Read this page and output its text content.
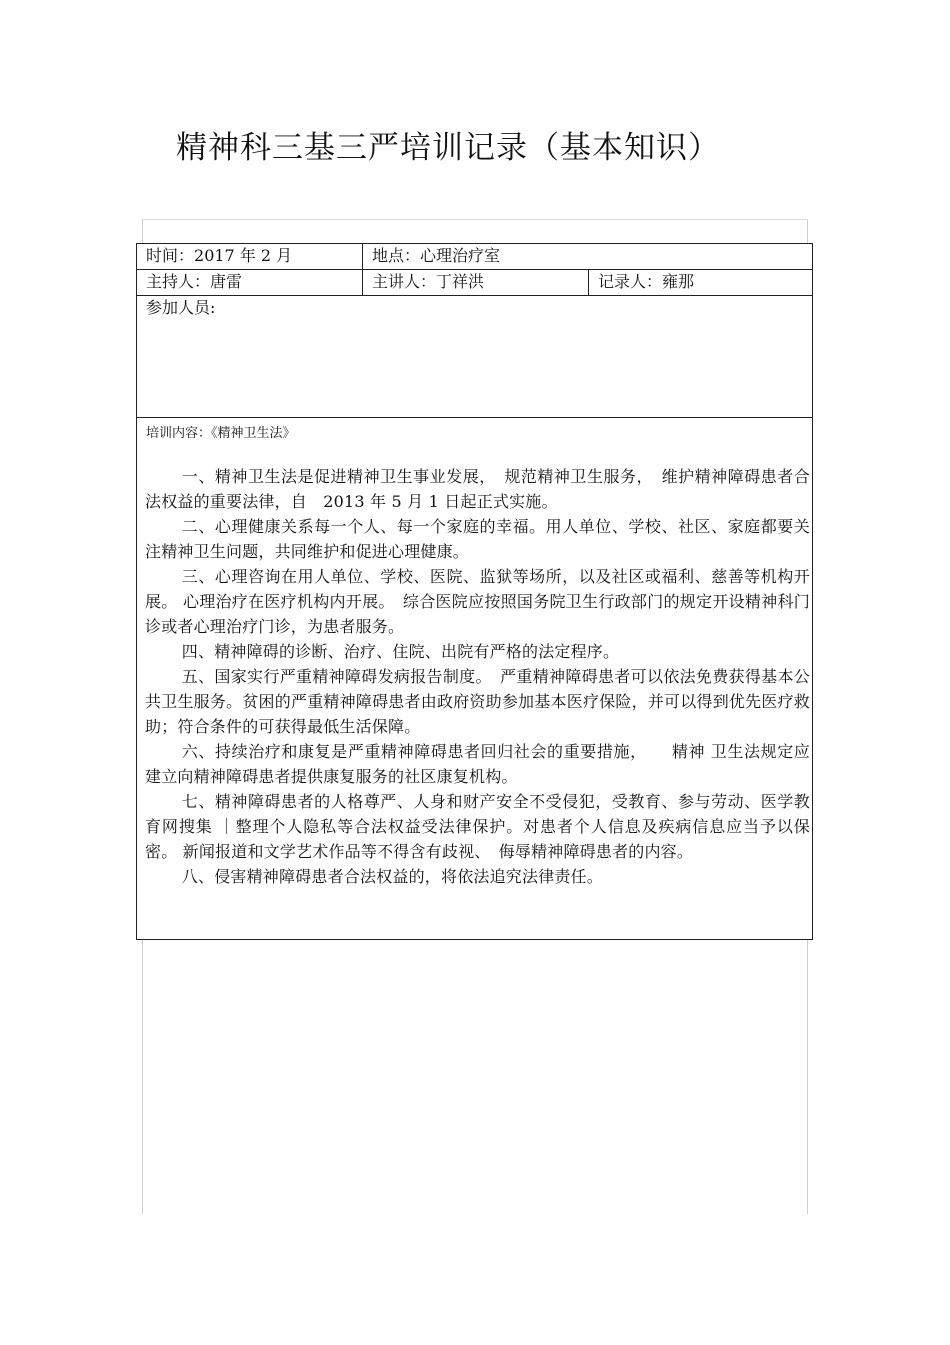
精神科三基三严培训记录（基本知识）
时间：2017 年 2 月	地点：心理治疗室
主持人：唐雷	主讲人：丁祥洪	记录人：雍那
参加人员:
培训内容：《精神卫生法》

一、精神卫生法是促进精神卫生事业发展，　规范精神卫生服务，　维护精神障碍患者合法权益的重要法律，自　2013 年 5 月 1 日起正式实施。

二、心理健康关系每一个人、每一个家庭的幸福。用人单位、学校、社区、家庭都要关注精神卫生问题，共同维护和促进心理健康。

三、心理咨询在用人单位、学校、医院、监狱等场所，以及社区或福利、慈善等机构开展。 心理治疗在医疗机构内开展。　综合医院应按照国务院卫生行政部门的规定开设精神科门诊或者心理治疗门诊，为患者服务。

四、精神障碍的诊断、治疗、住院、出院有严格的法定程序。

五、国家实行严重精神障碍发病报告制度。　严重精神障碍患者可以依法免费获得基本公共卫生服务。贫困的严重精神障碍患者由政府资助参加基本医疗保险，并可以得到优先医疗救助；符合条件的可获得最低生活保障。

六、持续治疗和康复是严重精神障碍患者回归社会的重要措施，　　精神 卫生法规定应建立向精神障碍患者提供康复服务的社区康复机构。

七、精神障碍患者的人格尊严、人身和财产安全不受侵犯，受教育、参与劳动、医学教育网搜集 ｜整理个人隐私等合法权益受法律保护。对患者个人信息及疾病信息应当予以保密。 新闻报道和文学艺术作品等不得含有歧视、　侮辱精神障碍患者的内容。

八、侵害精神障碍患者合法权益的，将依法追究法律责任。
